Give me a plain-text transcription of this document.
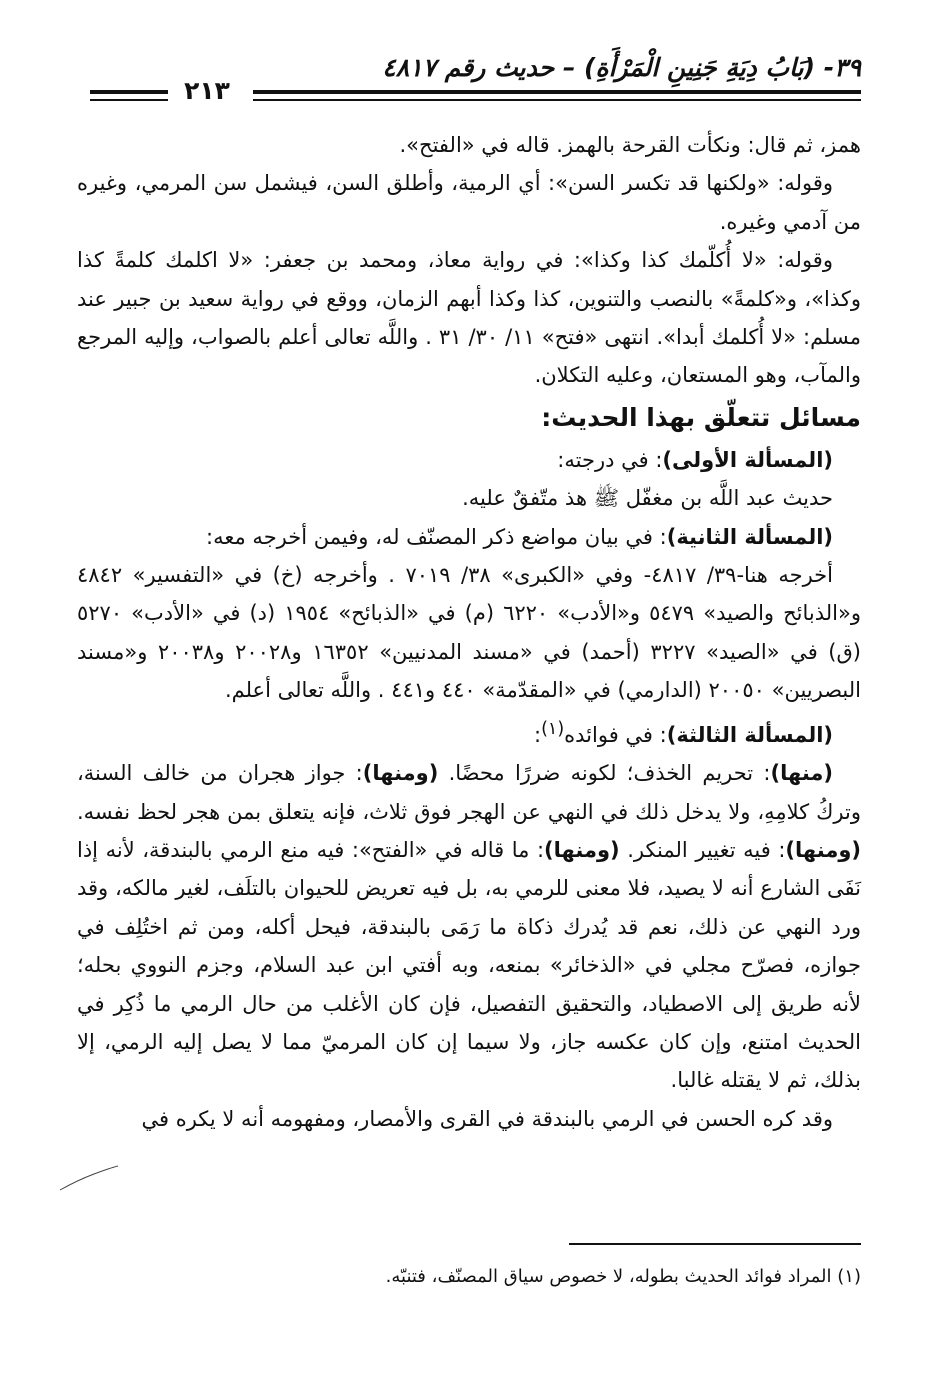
٣٩- (بَابُ دِيَةِ جَنِينِ الْمَرْأَةِ) – حديث رقم ٤٨١٧
٢١٣

همز، ثم قال: ونكأت القرحة بالهمز. قاله في «الفتح».

وقوله: «ولكنها قد تكسر السن»: أي الرمية، وأطلق السن، فيشمل سن المرمي، وغيره من آدمي وغيره.

وقوله: «لا أُكلّمك كذا وكذا»: في رواية معاذ، ومحمد بن جعفر: «لا اكلمك كلمةً كذا وكذا»، و«كلمةً» بالنصب والتنوين، كذا وكذا أبهم الزمان، ووقع في رواية سعيد بن جبير عند مسلم: «لا أُكلمك أبدا». انتهى «فتح» ١١/ ٣٠/ ٣١ . واللَّه تعالى أعلم بالصواب، وإليه المرجع والمآب، وهو المستعان، وعليه التكلان.

مسائل تتعلّق بهذا الحديث:

(المسألة الأولى): في درجته:

حديث عبد اللَّه بن مغفّل ﷺ هذ متّفقٌ عليه.

(المسألة الثانية): في بيان مواضع ذكر المصنّف له، وفيمن أخرجه معه:

أخرجه هنا-٣٩/ ٤٨١٧- وفي «الكبرى» ٣٨/ ٧٠١٩ . وأخرجه (خ) في «التفسير» ٤٨٤٢ و«الذبائح والصيد» ٥٤٧٩ و«الأدب» ٦٢٢٠ (م) في «الذبائح» ١٩٥٤ (د) في «الأدب» ٥٢٧٠ (ق) في «الصيد» ٣٢٢٧ (أحمد) في «مسند المدنيين» ١٦٣٥٢ و٢٠٠٢٨ و٢٠٠٣٨ و«مسند البصريين» ٢٠٠٥٠ (الدارمي) في «المقدّمة» ٤٤٠ و٤٤١ . واللَّه تعالى أعلم.

(المسألة الثالثة): في فوائده$^{(١)}$:

(منها): تحريم الخذف؛ لكونه ضررًا محضًا. (ومنها): جواز هجران من خالف السنة، وتركُ كلامِهِ، ولا يدخل ذلك في النهي عن الهجر فوق ثلاث، فإنه يتعلق بمن هجر لحظ نفسه. (ومنها): فيه تغيير المنكر. (ومنها): ما قاله في «الفتح»: فيه منع الرمي بالبندقة، لأنه إذا نَفَى الشارع أنه لا يصيد، فلا معنى للرمي به، بل فيه تعريض للحيوان بالتلَف، لغير مالكه، وقد ورد النهي عن ذلك، نعم قد يُدرك ذكاة ما رَمَى بالبندقة، فيحل أكله، ومن ثم اختُلِف في جوازه، فصرّح مجلي في «الذخائر» بمنعه، وبه أفتي ابن عبد السلام، وجزم النووي بحله؛ لأنه طريق إلى الاصطياد، والتحقيق التفصيل، فإن كان الأغلب من حال الرمي ما ذُكِر في الحديث امتنع، وإن كان عكسه جاز، ولا سيما إن كان المرميّ مما لا يصل إليه الرمي، إلا بذلك، ثم لا يقتله غالبا.

وقد كره الحسن في الرمي بالبندقة في القرى والأمصار، ومفهومه أنه لا يكره في

(١) المراد فوائد الحديث بطوله، لا خصوص سياق المصنّف، فتنبّه.
